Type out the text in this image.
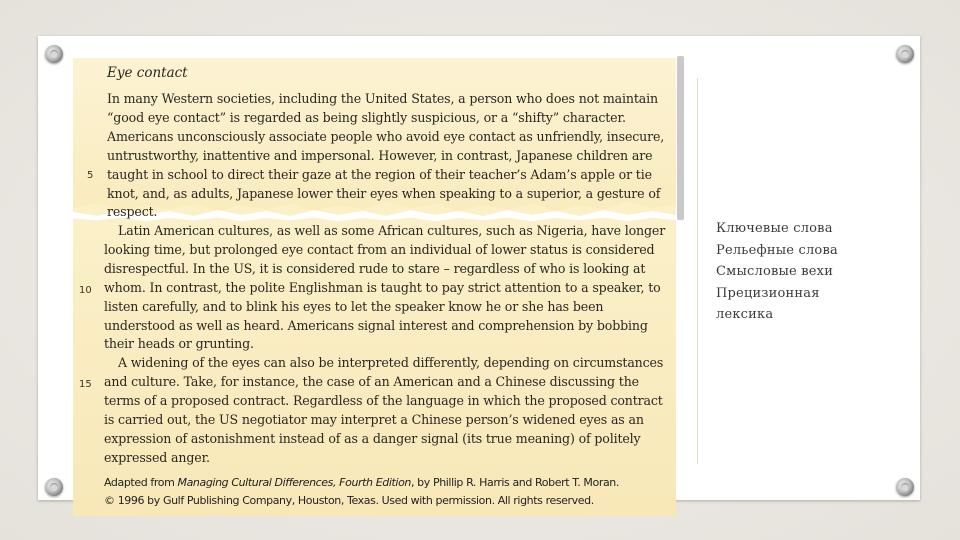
Eye contact
In many Western societies, including the United States, a person who does not maintain “good eye contact” is regarded as being slightly suspicious, or a “shifty” character. Americans unconsciously associate people who avoid eye contact as unfriendly, insecure, untrustworthy, inattentive and impersonal. However, in contrast, Japanese children are taught in school to direct their gaze at the region of their teacher’s Adam’s apple or tie knot, and, as adults, Japanese lower their eyes when speaking to a superior, a gesture of respect.
Latin American cultures, as well as some African cultures, such as Nigeria, have longer looking time, but prolonged eye contact from an individual of lower status is considered disrespectful. In the US, it is considered rude to stare – regardless of who is looking at whom. In contrast, the polite Englishman is taught to pay strict attention to a speaker, to listen carefully, and to blink his eyes to let the speaker know he or she has been understood as well as heard. Americans signal interest and comprehension by bobbing their heads or grunting.
A widening of the eyes can also be interpreted differently, depending on circumstances and culture. Take, for instance, the case of an American and a Chinese discussing the terms of a proposed contract. Regardless of the language in which the proposed contract is carried out, the US negotiator may interpret a Chinese person’s widened eyes as an expression of astonishment instead of as a danger signal (its true meaning) of politely expressed anger.
5
10
15
Adapted from Managing Cultural Differences, Fourth Edition, by Phillip R. Harris and Robert T. Moran.
© 1996 by Gulf Publishing Company, Houston, Texas. Used with permission. All rights reserved.
Ключевые слова
Рельефные слова
Смысловые вехи
Прецизионная
лексика
